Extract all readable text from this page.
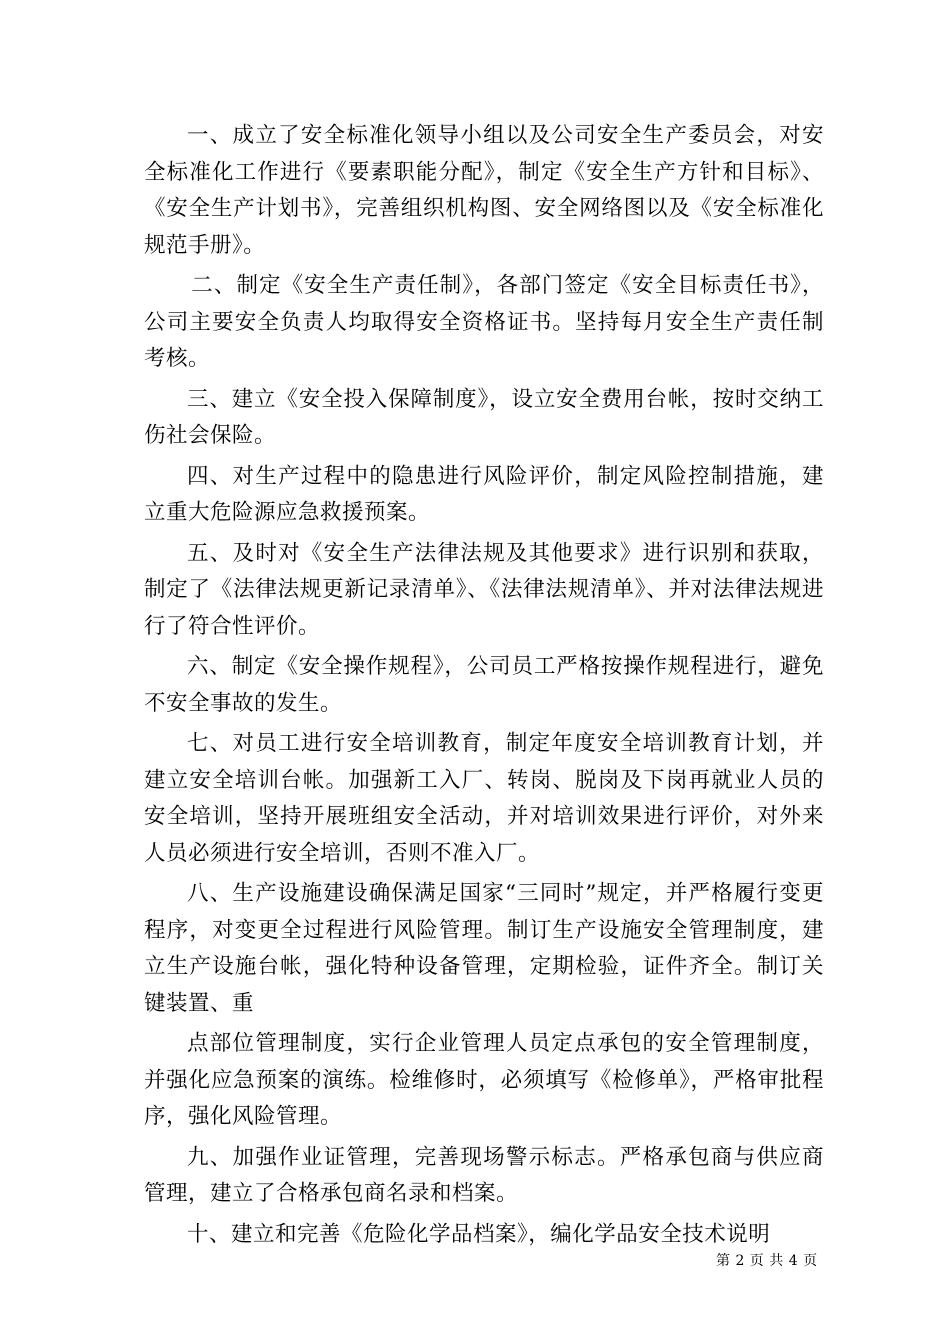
一、成立了安全标准化领导小组以及公司安全生产委员会，对安全标准化工作进行《要素职能分配》，制定《安全生产方针和目标》、《安全生产计划书》，完善组织机构图、安全网络图以及《安全标准化规范手册》。

二、制定《安全生产责任制》，各部门签定《安全目标责任书》，公司主要安全负责人均取得安全资格证书。坚持每月安全生产责任制考核。

三、建立《安全投入保障制度》，设立安全费用台帐，按时交纳工伤社会保险。

四、对生产过程中的隐患进行风险评价，制定风险控制措施，建立重大危险源应急救援预案。

五、及时对《安全生产法律法规及其他要求》进行识别和获取，制定了《法律法规更新记录清单》、《法律法规清单》、并对法律法规进行了符合性评价。

六、制定《安全操作规程》，公司员工严格按操作规程进行，避免不安全事故的发生。

七、对员工进行安全培训教育，制定年度安全培训教育计划，并建立安全培训台帐。加强新工入厂、转岗、脱岗及下岗再就业人员的安全培训，坚持开展班组安全活动，并对培训效果进行评价，对外来人员必须进行安全培训，否则不准入厂。

八、生产设施建设确保满足国家“三同时”规定，并严格履行变更程序，对变更全过程进行风险管理。制订生产设施安全管理制度，建立生产设施台帐，强化特种设备管理，定期检验，证件齐全。制订关键装置、重

点部位管理制度，实行企业管理人员定点承包的安全管理制度，并强化应急预案的演练。检维修时，必须填写《检修单》，严格审批程序，强化风险管理。

九、加强作业证管理，完善现场警示标志。严格承包商与供应商管理，建立了合格承包商名录和档案。

十、建立和完善《危险化学品档案》，编化学品安全技术说明

第 2 页 共 4 页
